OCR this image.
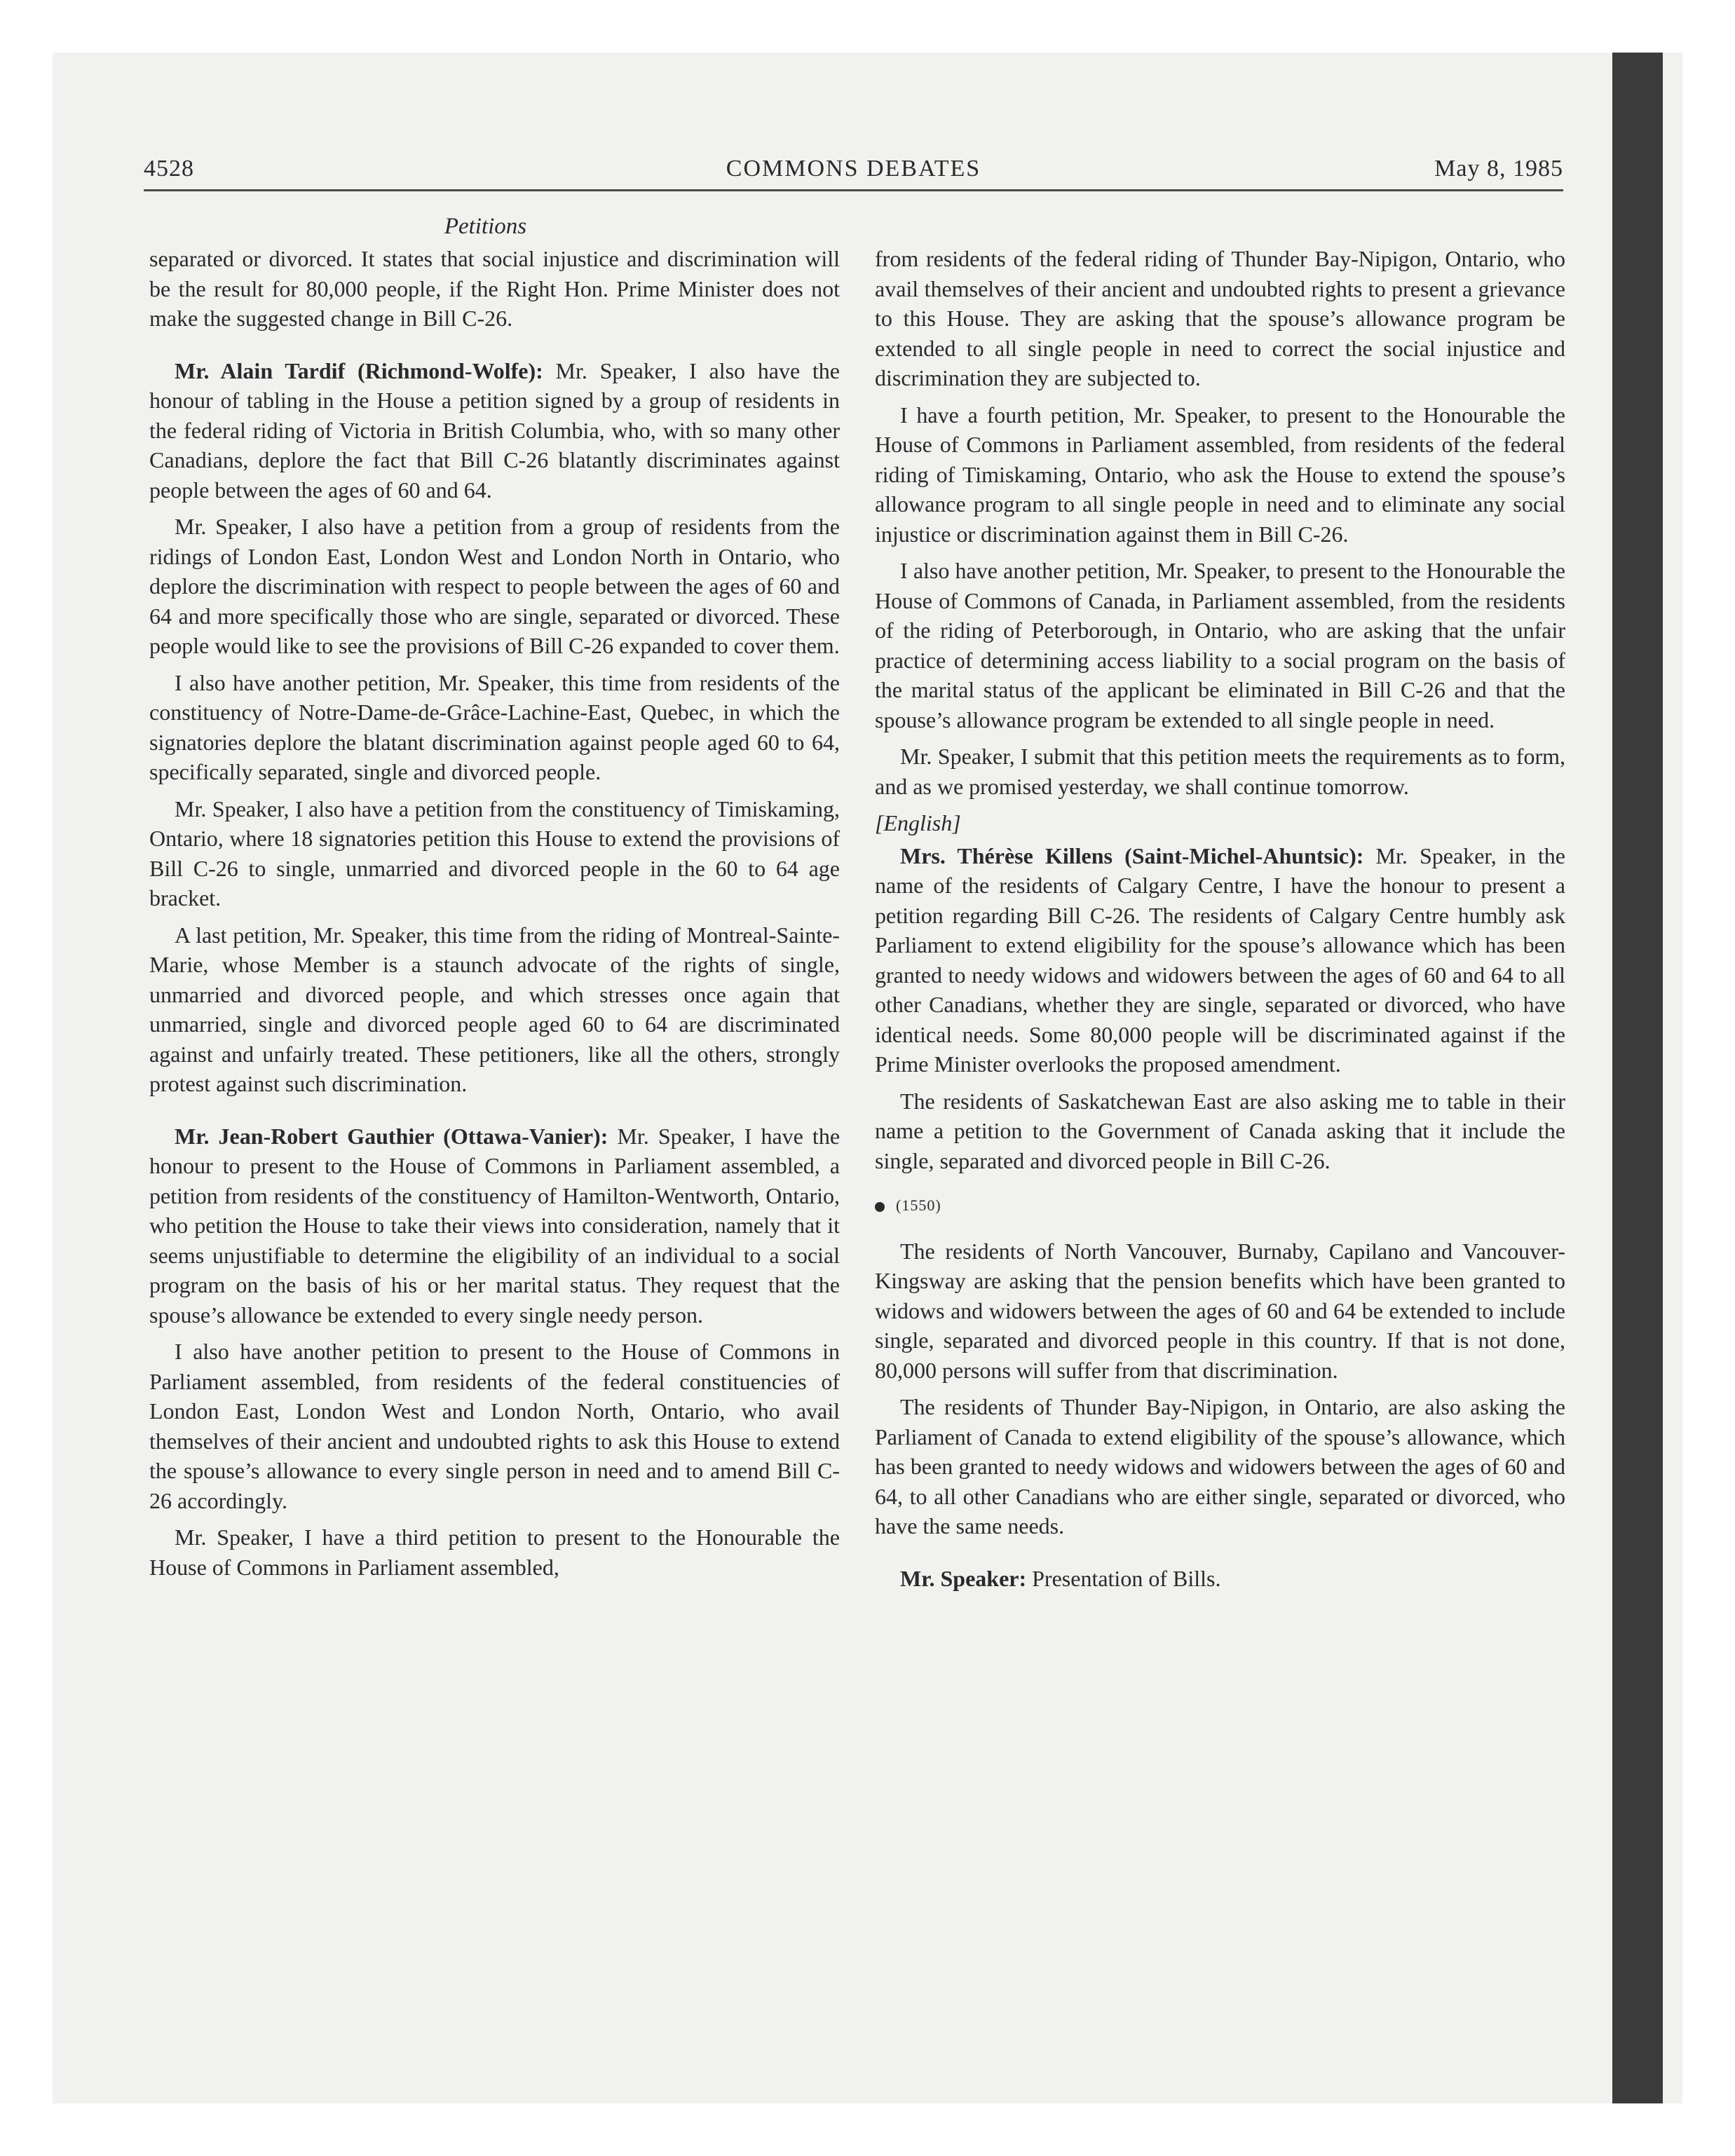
4528	COMMONS DEBATES	May 8, 1985
Petitions

separated or divorced. It states that social injustice and discrimination will be the result for 80,000 people, if the Right Hon. Prime Minister does not make the suggested change in Bill C-26.

Mr. Alain Tardif (Richmond-Wolfe): Mr. Speaker, I also have the honour of tabling in the House a petition signed by a group of residents in the federal riding of Victoria in British Columbia, who, with so many other Canadians, deplore the fact that Bill C-26 blatantly discriminates against people between the ages of 60 and 64.

Mr. Speaker, I also have a petition from a group of residents from the ridings of London East, London West and London North in Ontario, who deplore the discrimination with respect to people between the ages of 60 and 64 and more specifically those who are single, separated or divorced. These people would like to see the provisions of Bill C-26 expanded to cover them.

I also have another petition, Mr. Speaker, this time from residents of the constituency of Notre-Dame-de-Grâce-Lachine-East, Quebec, in which the signatories deplore the blatant discrimination against people aged 60 to 64, specifically separated, single and divorced people.

Mr. Speaker, I also have a petition from the constituency of Timiskaming, Ontario, where 18 signatories petition this House to extend the provisions of Bill C-26 to single, unmarried and divorced people in the 60 to 64 age bracket.

A last petition, Mr. Speaker, this time from the riding of Montreal-Sainte-Marie, whose Member is a staunch advocate of the rights of single, unmarried and divorced people, and which stresses once again that unmarried, single and divorced people aged 60 to 64 are discriminated against and unfairly treated. These petitioners, like all the others, strongly protest against such discrimination.

Mr. Jean-Robert Gauthier (Ottawa-Vanier): Mr. Speaker, I have the honour to present to the House of Commons in Parliament assembled, a petition from residents of the constituency of Hamilton-Wentworth, Ontario, who petition the House to take their views into consideration, namely that it seems unjustifiable to determine the eligibility of an individual to a social program on the basis of his or her marital status. They request that the spouse’s allowance be extended to every single needy person.

I also have another petition to present to the House of Commons in Parliament assembled, from residents of the federal constituencies of London East, London West and London North, Ontario, who avail themselves of their ancient and undoubted rights to ask this House to extend the spouse’s allowance to every single person in need and to amend Bill C-26 accordingly.

Mr. Speaker, I have a third petition to present to the Honourable the House of Commons in Parliament assembled,

from residents of the federal riding of Thunder Bay-Nipigon, Ontario, who avail themselves of their ancient and undoubted rights to present a grievance to this House. They are asking that the spouse’s allowance program be extended to all single people in need to correct the social injustice and discrimination they are subjected to.

I have a fourth petition, Mr. Speaker, to present to the Honourable the House of Commons in Parliament assembled, from residents of the federal riding of Timiskaming, Ontario, who ask the House to extend the spouse’s allowance program to all single people in need and to eliminate any social injustice or discrimination against them in Bill C-26.

I also have another petition, Mr. Speaker, to present to the Honourable the House of Commons of Canada, in Parliament assembled, from the residents of the riding of Peterborough, in Ontario, who are asking that the unfair practice of determining access liability to a social program on the basis of the marital status of the applicant be eliminated in Bill C-26 and that the spouse’s allowance program be extended to all single people in need.

Mr. Speaker, I submit that this petition meets the requirements as to form, and as we promised yesterday, we shall continue tomorrow.

[English]

Mrs. Thérèse Killens (Saint-Michel-Ahuntsic): Mr. Speaker, in the name of the residents of Calgary Centre, I have the honour to present a petition regarding Bill C-26. The residents of Calgary Centre humbly ask Parliament to extend eligibility for the spouse’s allowance which has been granted to needy widows and widowers between the ages of 60 and 64 to all other Canadians, whether they are single, separated or divorced, who have identical needs. Some 80,000 people will be discriminated against if the Prime Minister overlooks the proposed amendment.

The residents of Saskatchewan East are also asking me to table in their name a petition to the Government of Canada asking that it include the single, separated and divorced people in Bill C-26.

(1550)

The residents of North Vancouver, Burnaby, Capilano and Vancouver-Kingsway are asking that the pension benefits which have been granted to widows and widowers between the ages of 60 and 64 be extended to include single, separated and divorced people in this country. If that is not done, 80,000 persons will suffer from that discrimination.

The residents of Thunder Bay-Nipigon, in Ontario, are also asking the Parliament of Canada to extend eligibility of the spouse’s allowance, which has been granted to needy widows and widowers between the ages of 60 and 64, to all other Canadians who are either single, separated or divorced, who have the same needs.

Mr. Speaker: Presentation of Bills.
